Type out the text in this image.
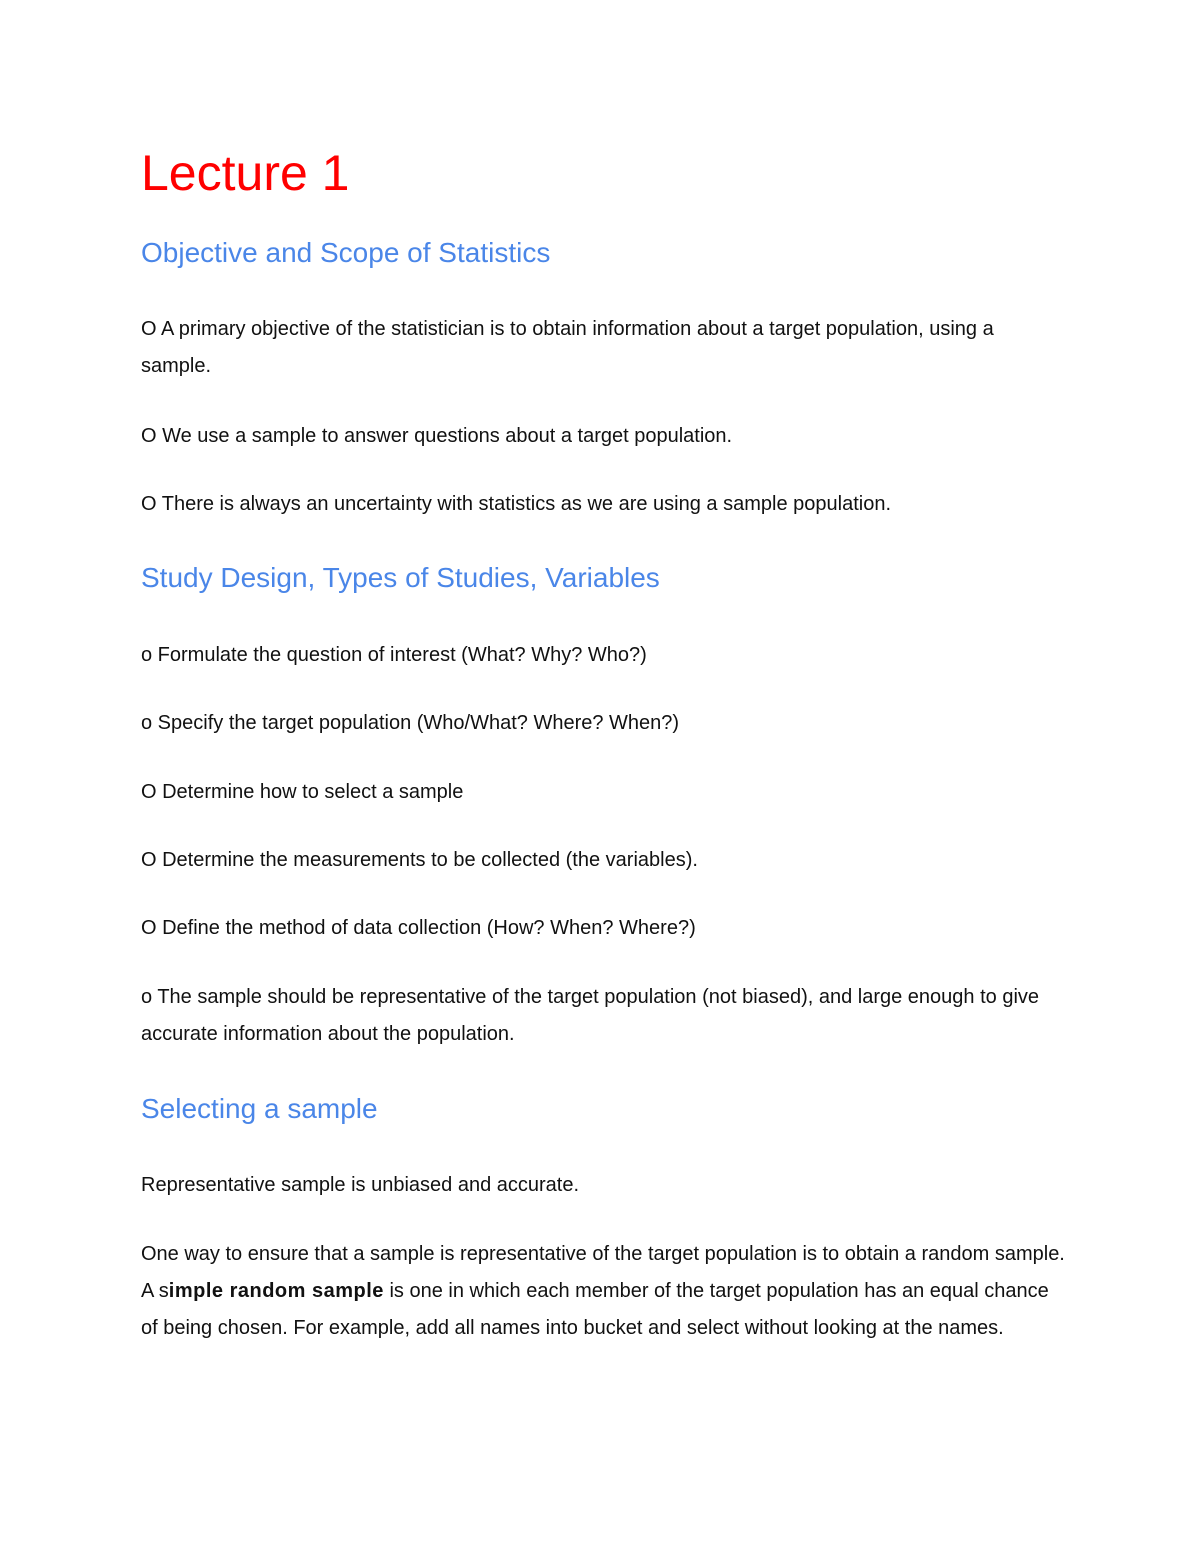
Lecture 1
Objective and Scope of Statistics

O A primary objective of the statistician is to obtain information about a target population, using a sample.

O We use a sample to answer questions about a target population.

O There is always an uncertainty with statistics as we are using a sample population.

Study Design, Types of Studies, Variables

o Formulate the question of interest (What? Why? Who?)

o Specify the target population (Who/What? Where? When?)

O Determine how to select a sample

O Determine the measurements to be collected (the variables).

O Define the method of data collection (How? When? Where?)

o The sample should be representative of the target population (not biased), and large enough to give accurate information about the population.

Selecting a sample

Representative sample is unbiased and accurate.

One way to ensure that a sample is representative of the target population is to obtain a random sample. A simple random sample is one in which each member of the target population has an equal chance of being chosen. For example, add all names into bucket and select without looking at the names.
